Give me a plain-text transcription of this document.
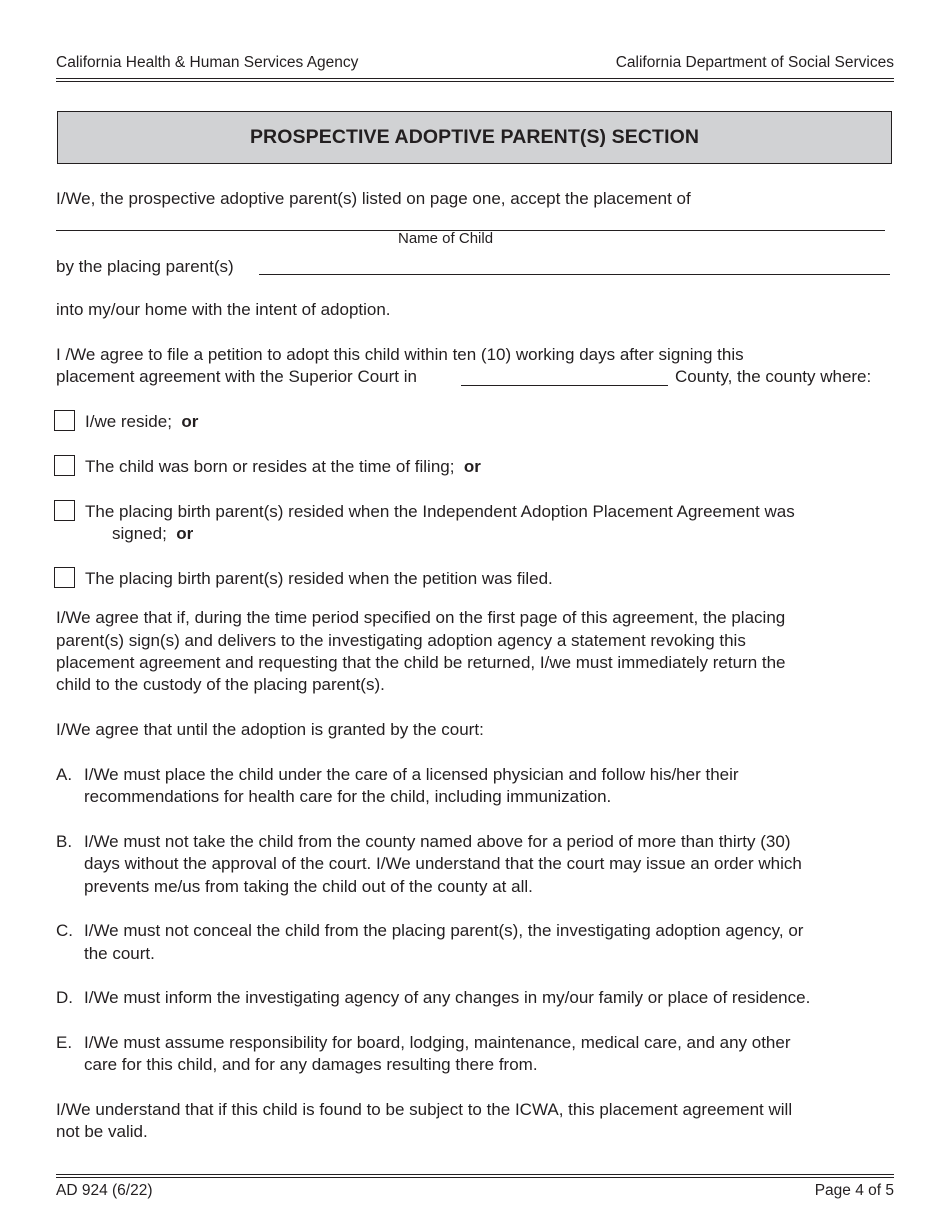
California Health & Human Services Agency	California Department of Social Services
PROSPECTIVE ADOPTIVE PARENT(S) SECTION
I/We, the prospective adoptive parent(s) listed on page one, accept the placement of
Name of Child
by the placing parent(s)
into my/our home with the intent of adoption.
I /We agree to file a petition to adopt this child within ten (10) working days after signing this
placement agreement with the Superior Court in	County, the county where:
I/we reside; or
The child was born or resides at the time of filing; or
The placing birth parent(s) resided when the Independent Adoption Placement Agreement was
signed; or
The placing birth parent(s) resided when the petition was filed.
I/We agree that if, during the time period specified on the first page of this agreement, the placing
parent(s) sign(s) and delivers to the investigating adoption agency a statement revoking this
placement agreement and requesting that the child be returned, I/we must immediately return the
child to the custody of the placing parent(s).
I/We agree that until the adoption is granted by the court:
A. I/We must place the child under the care of a licensed physician and follow his/her their
recommendations for health care for the child, including immunization.
B. I/We must not take the child from the county named above for a period of more than thirty (30)
days without the approval of the court. I/We understand that the court may issue an order which
prevents me/us from taking the child out of the county at all.
C. I/We must not conceal the child from the placing parent(s), the investigating adoption agency, or
the court.
D. I/We must inform the investigating agency of any changes in my/our family or place of residence.
E. I/We must assume responsibility for board, lodging, maintenance, medical care, and any other
care for this child, and for any damages resulting there from.
I/We understand that if this child is found to be subject to the ICWA, this placement agreement will
not be valid.
AD 924 (6/22)	Page 4 of 5
